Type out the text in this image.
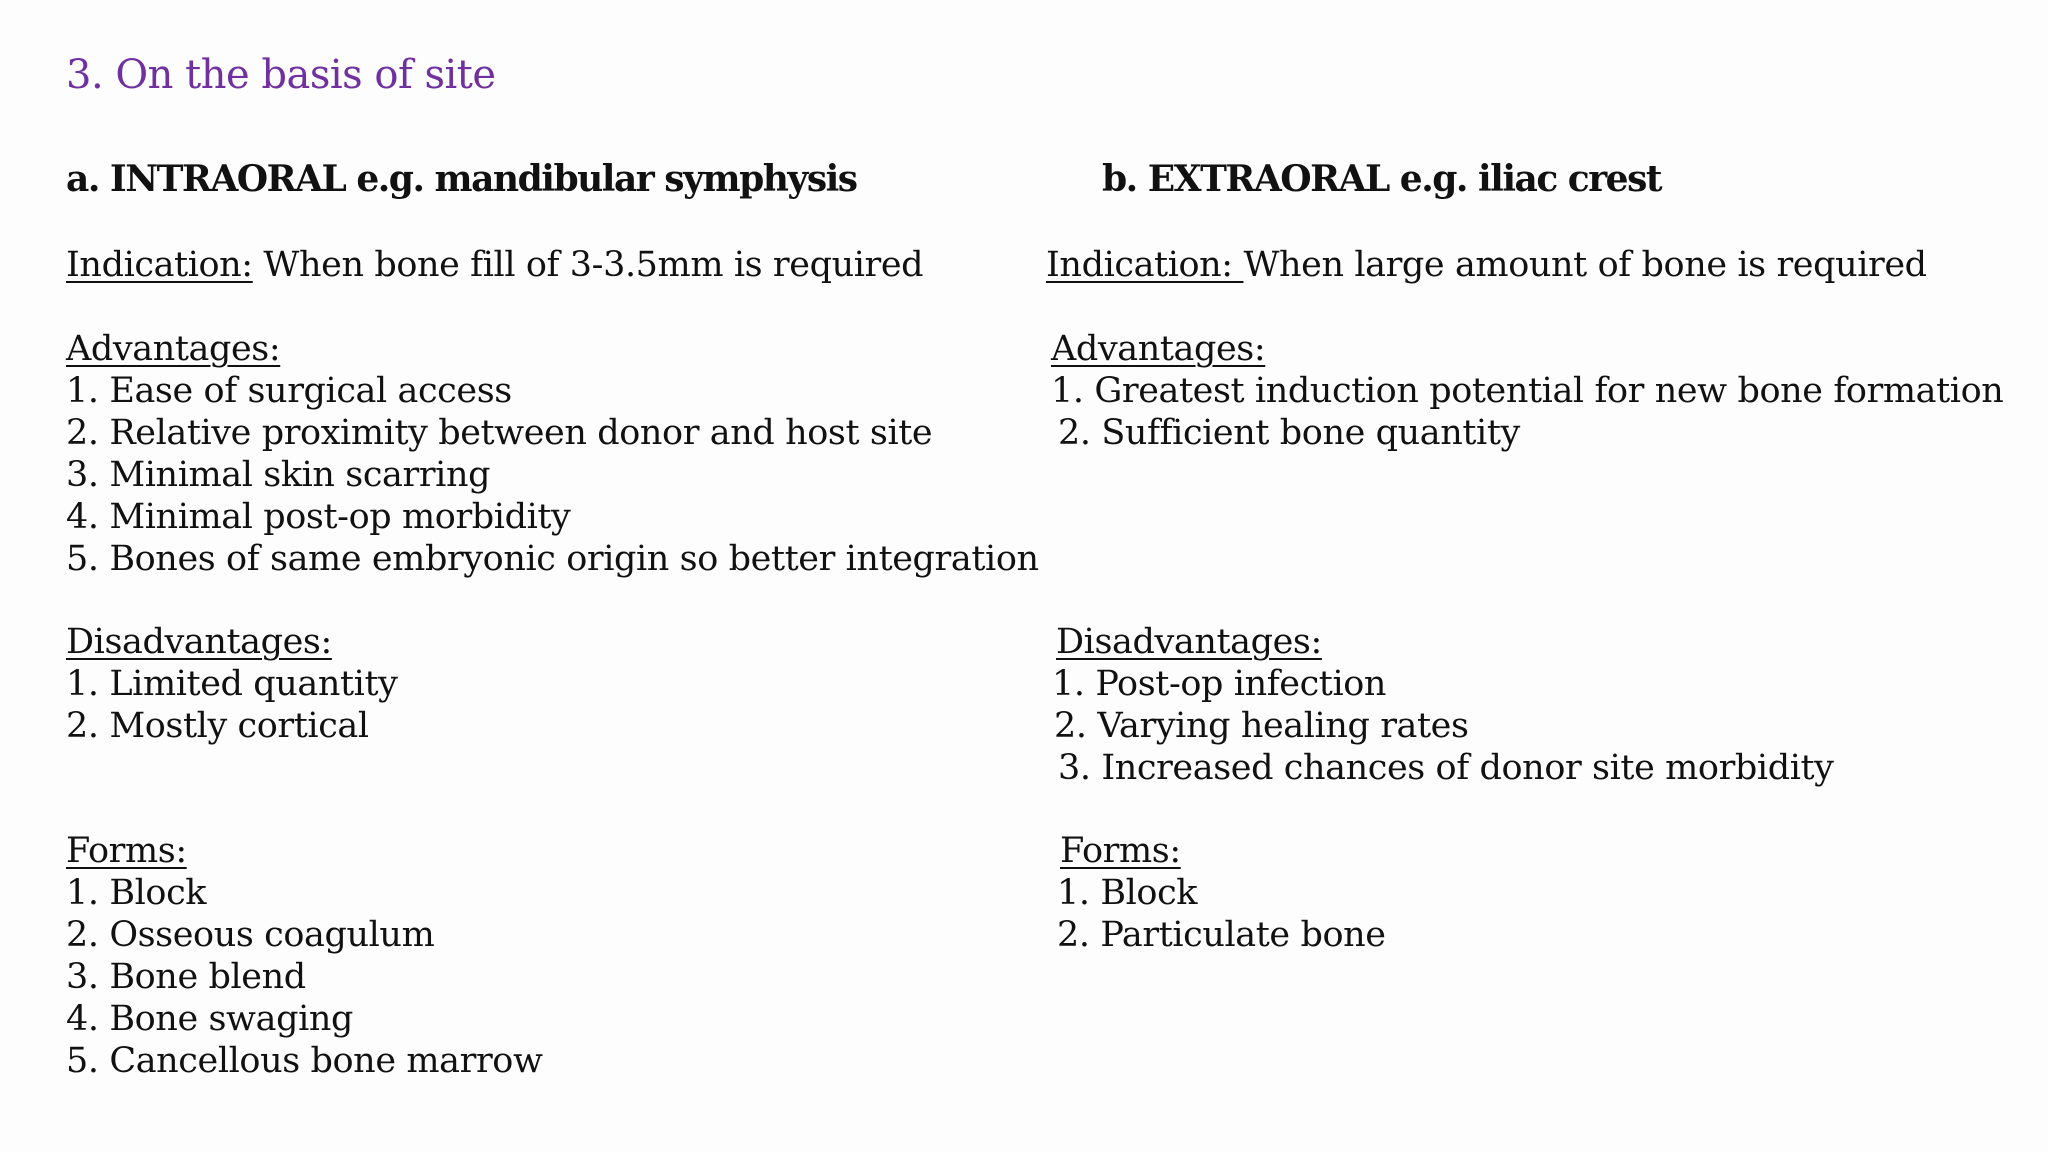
3. On the basis of site
a. INTRAORAL e.g. mandibular symphysis
Indication: When bone fill of 3-3.5mm is required
Advantages:
1. Ease of surgical access
2. Relative proximity between donor and host site
3. Minimal skin scarring
4. Minimal post-op morbidity
5. Bones of same embryonic origin so better integration
Disadvantages:
1. Limited quantity
2. Mostly cortical
Forms:
1. Block
2. Osseous coagulum
3. Bone blend
4. Bone swaging
5. Cancellous bone marrow
b. EXTRAORAL e.g. iliac crest
Indication: When large amount of bone is required
Advantages:
1. Greatest induction potential for new bone formation
2. Sufficient bone quantity
Disadvantages:
1. Post-op infection
2. Varying healing rates
3. Increased chances of donor site morbidity
Forms:
1. Block
2. Particulate bone
